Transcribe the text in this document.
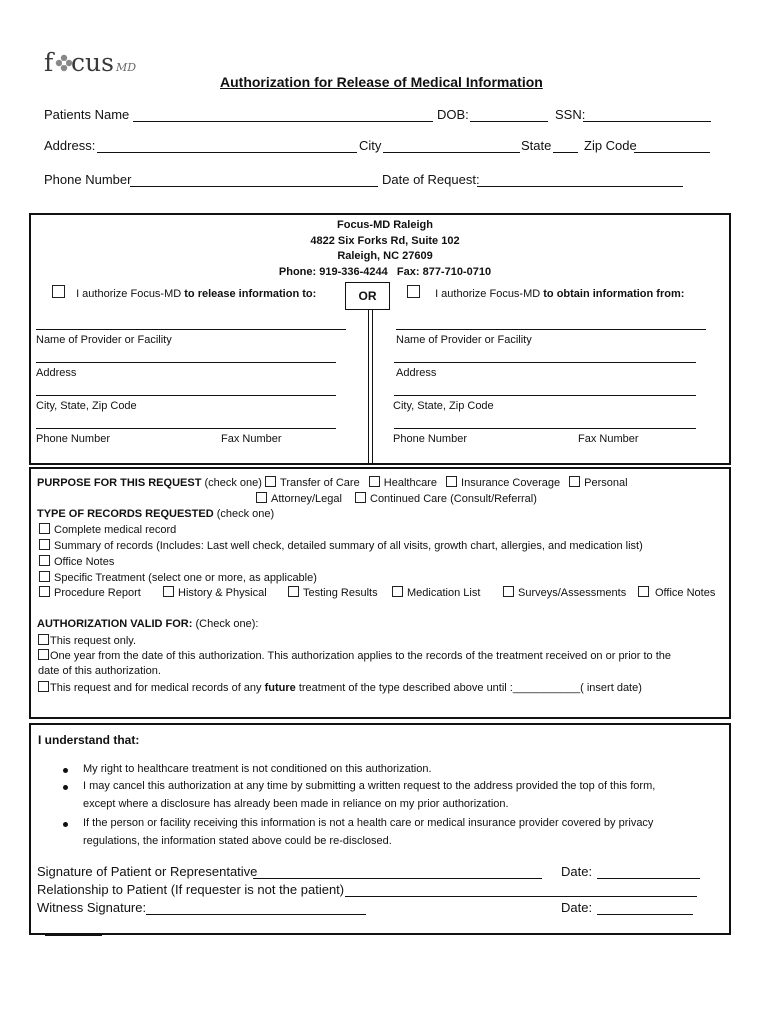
f cus MD
Authorization for Release of Medical Information
Patients Name	DOB:	SSN:
Address:	City	State	Zip Code
Phone Number	Date of Request:
Focus-MD Raleigh
4822 Six Forks Rd, Suite 102
Raleigh, NC 27609
Phone: 919-336-4244   Fax: 877-710-0710
OR
I authorize Focus-MD to release information to:
Name of Provider or Facility
Address
City, State, Zip Code
Phone Number	Fax Number
I authorize Focus-MD to obtain information from:
Name of Provider or Facility
Address
City, State, Zip Code
Phone Number	Fax Number
PURPOSE FOR THIS REQUEST (check one) Transfer of Care Healthcare Insurance Coverage Personal
Attorney/Legal	Continued Care (Consult/Referral)
TYPE OF RECORDS REQUESTED (check one)
Complete medical record
Summary of records (Includes: Last well check, detailed summary of all visits, growth chart, allergies, and medication list)
Office Notes
Specific Treatment (select one or more, as applicable)
Procedure Report	History & Physical	Testing Results	Medication List	Surveys/Assessments	Office Notes
AUTHORIZATION VALID FOR: (Check one):
This request only.
One year from the date of this authorization. This authorization applies to the records of the treatment received on or prior to the
date of this authorization.
This request and for medical records of any future treatment of the type described above until :___________( insert date)
I understand that:
My right to healthcare treatment is not conditioned on this authorization.
I may cancel this authorization at any time by submitting a written request to the address provided the top of this form,
except where a disclosure has already been made in reliance on my prior authorization.
If the person or facility receiving this information is not a health care or medical insurance provider covered by privacy
regulations, the information stated above could be re-disclosed.
Signature of Patient or Representative	Date:
Relationship to Patient (If requester is not the patient)
Witness Signature:	Date:
